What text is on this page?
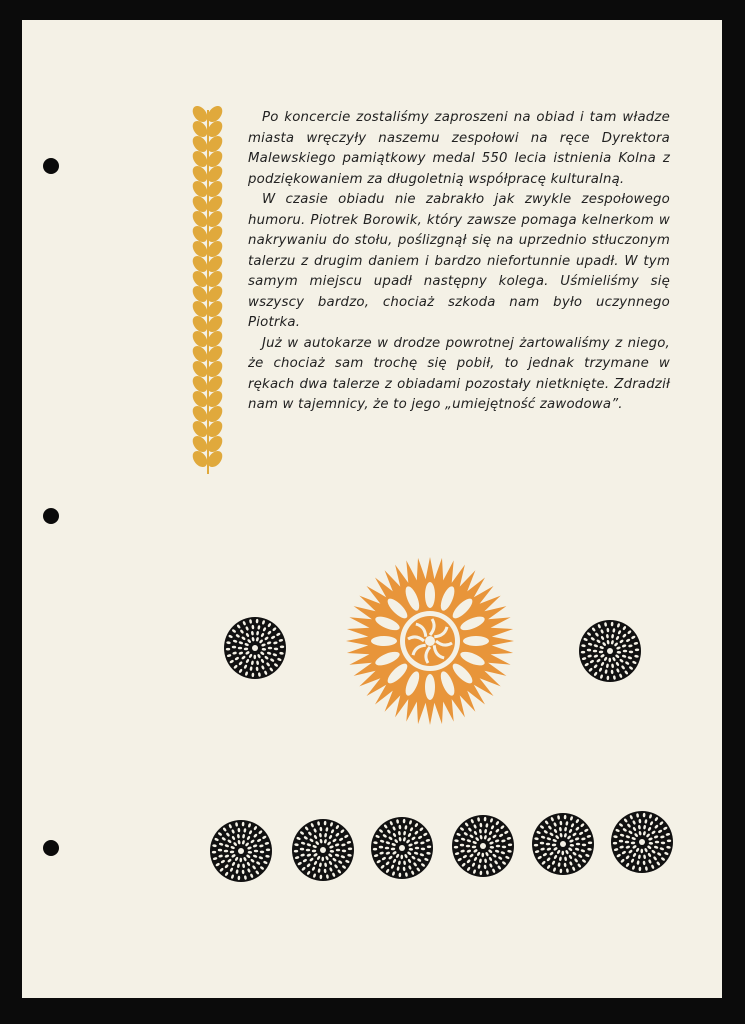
Po koncercie zostaliśmy zaproszeni na obiad i tam władze miasta wręczyły naszemu zespołowi na ręce Dyrektora Malewskiego pamiątkowy medal 550 lecia istnienia Kolna z podziękowaniem za długoletnią współpracę kulturalną.

W czasie obiadu nie zabrakło jak zwykle zespołowego humoru. Piotrek Borowik, który zawsze pomaga kelnerkom w nakrywaniu do stołu, poślizgnął się na uprzednio stłuczonym talerzu z drugim daniem i bardzo niefortunnie upadł. W tym samym miejscu upadł następny kolega. Uśmieliśmy się wszyscy bardzo, chociaż szkoda nam było uczynnego Piotrka.

Już w autokarze w drodze powrotnej żartowaliśmy z niego, że chociaż sam trochę się pobił, to jednak trzymane w rękach dwa talerze z obiadami pozostały nietknięte. Zdradził nam w tajemnicy, że to jego „umiejętność zawodowa”.
